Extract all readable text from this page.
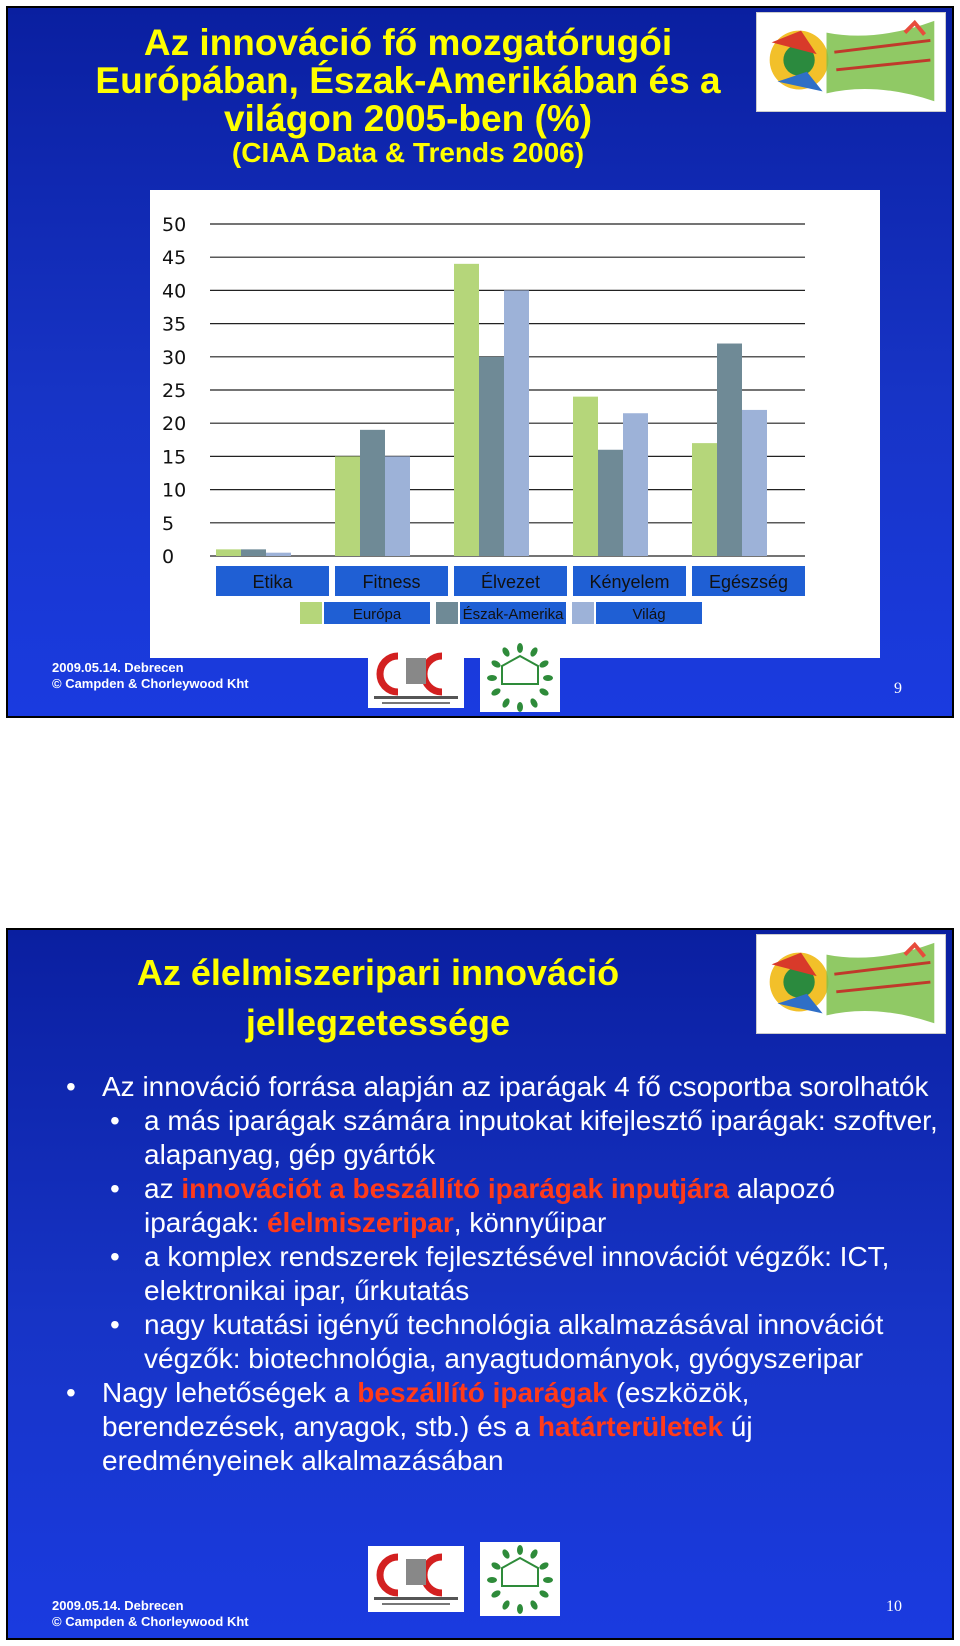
Az innováció fő mozgatórugói
Európában, Észak-Amerikában és a
világon 2005-ben (%)
(CIAA Data & Trends 2006)
0
5
10
15
20
25
30
35
40
45
50
Etika	Fitness	Élvezet	Kényelem Egészség
Európa	Észak-Amerika	Világ
2009.05.14. Debrecen
© Campden & Chorleywood Kht	9
Az élelmiszeripari innováció
jellegzetessége
• Az innováció forrása alapján az iparágak 4 fő csoportba sorolhatók
• a más iparágak számára inputokat kifejlesztő iparágak: szoftver, alapanyag, gép gyártók
• az innovációt a beszállító iparágak inputjára alapozó iparágak: élelmiszeripar, könnyűipar
• a komplex rendszerek fejlesztésével innovációt végzők: ICT, elektronikai ipar, űrkutatás
• nagy kutatási igényű technológia alkalmazásával innovációt végzők: biotechnológia, anyagtudományok, gyógyszeripar
• Nagy lehetőségek a beszállító iparágak (eszközök, berendezések, anyagok, stb.) és a határterületek új eredményeinek alkalmazásában
2009.05.14. Debrecen
© Campden & Chorleywood Kht
10
